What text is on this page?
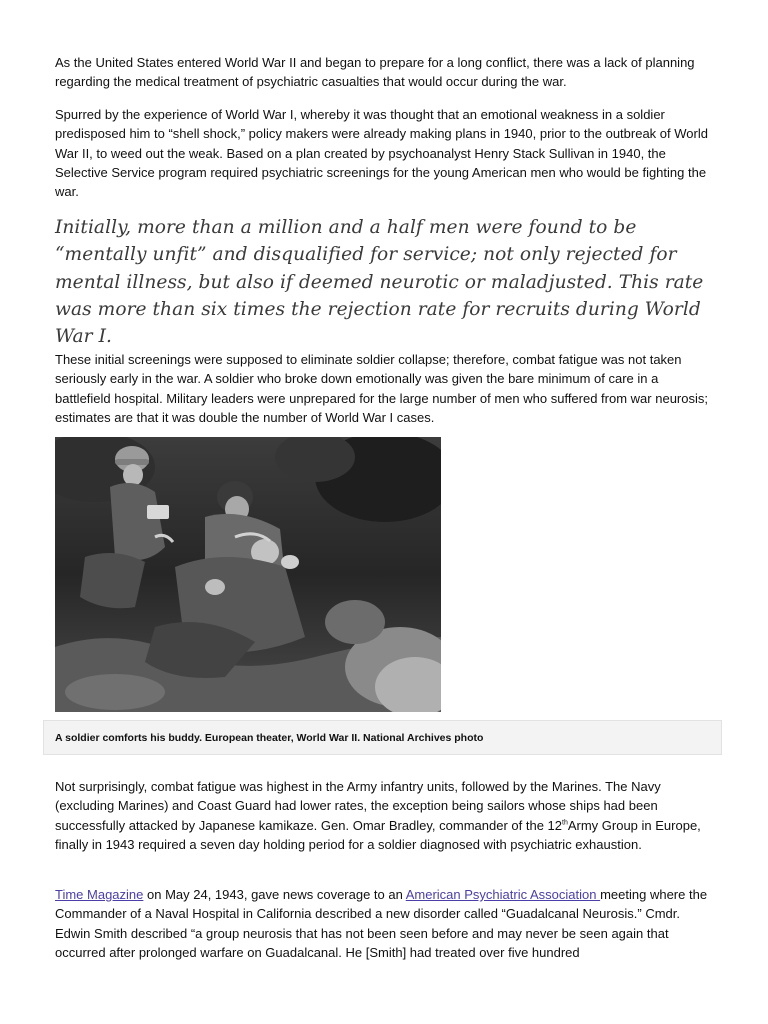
As the United States entered World War II and began to prepare for a long conflict, there was a lack of planning regarding the medical treatment of psychiatric casualties that would occur during the war.

Spurred by the experience of World War I, whereby it was thought that an emotional weakness in a soldier predisposed him to “shell shock,” policy makers were already making plans in 1940, prior to the outbreak of World War II, to weed out the weak. Based on a plan created by psychoanalyst Henry Stack Sullivan in 1940, the Selective Service program required psychiatric screenings for the young American men who would be fighting the war.

Initially, more than a million and a half men were found to be “mentally unfit” and disqualified for service; not only rejected for mental illness, but also if deemed neurotic or maladjusted. This rate was more than six times the rejection rate for recruits during World War I.

These initial screenings were supposed to eliminate soldier collapse; therefore, combat fatigue was not taken seriously early in the war. A soldier who broke down emotionally was given the bare minimum of care in a battlefield hospital. Military leaders were unprepared for the large number of men who suffered from war neurosis; estimates are that it was double the number of World War I cases.

A soldier comforts his buddy. European theater, World War II. National Archives photo

Not surprisingly, combat fatigue was highest in the Army infantry units, followed by the Marines. The Navy (excluding Marines) and Coast Guard had lower rates, the exception being sailors whose ships had been successfully attacked by Japanese kamikaze. Gen. Omar Bradley, commander of the 12thArmy Group in Europe, finally in 1943 required a seven day holding period for a soldier diagnosed with psychiatric exhaustion.

Time Magazine on May 24, 1943, gave news coverage to an American Psychiatric Association meeting where the Commander of a Naval Hospital in California described a new disorder called “Guadalcanal Neurosis.” Cmdr. Edwin Smith described “a group neurosis that has not been seen before and may never be seen again that occurred after prolonged warfare on Guadalcanal. He [Smith] had treated over five hundred
